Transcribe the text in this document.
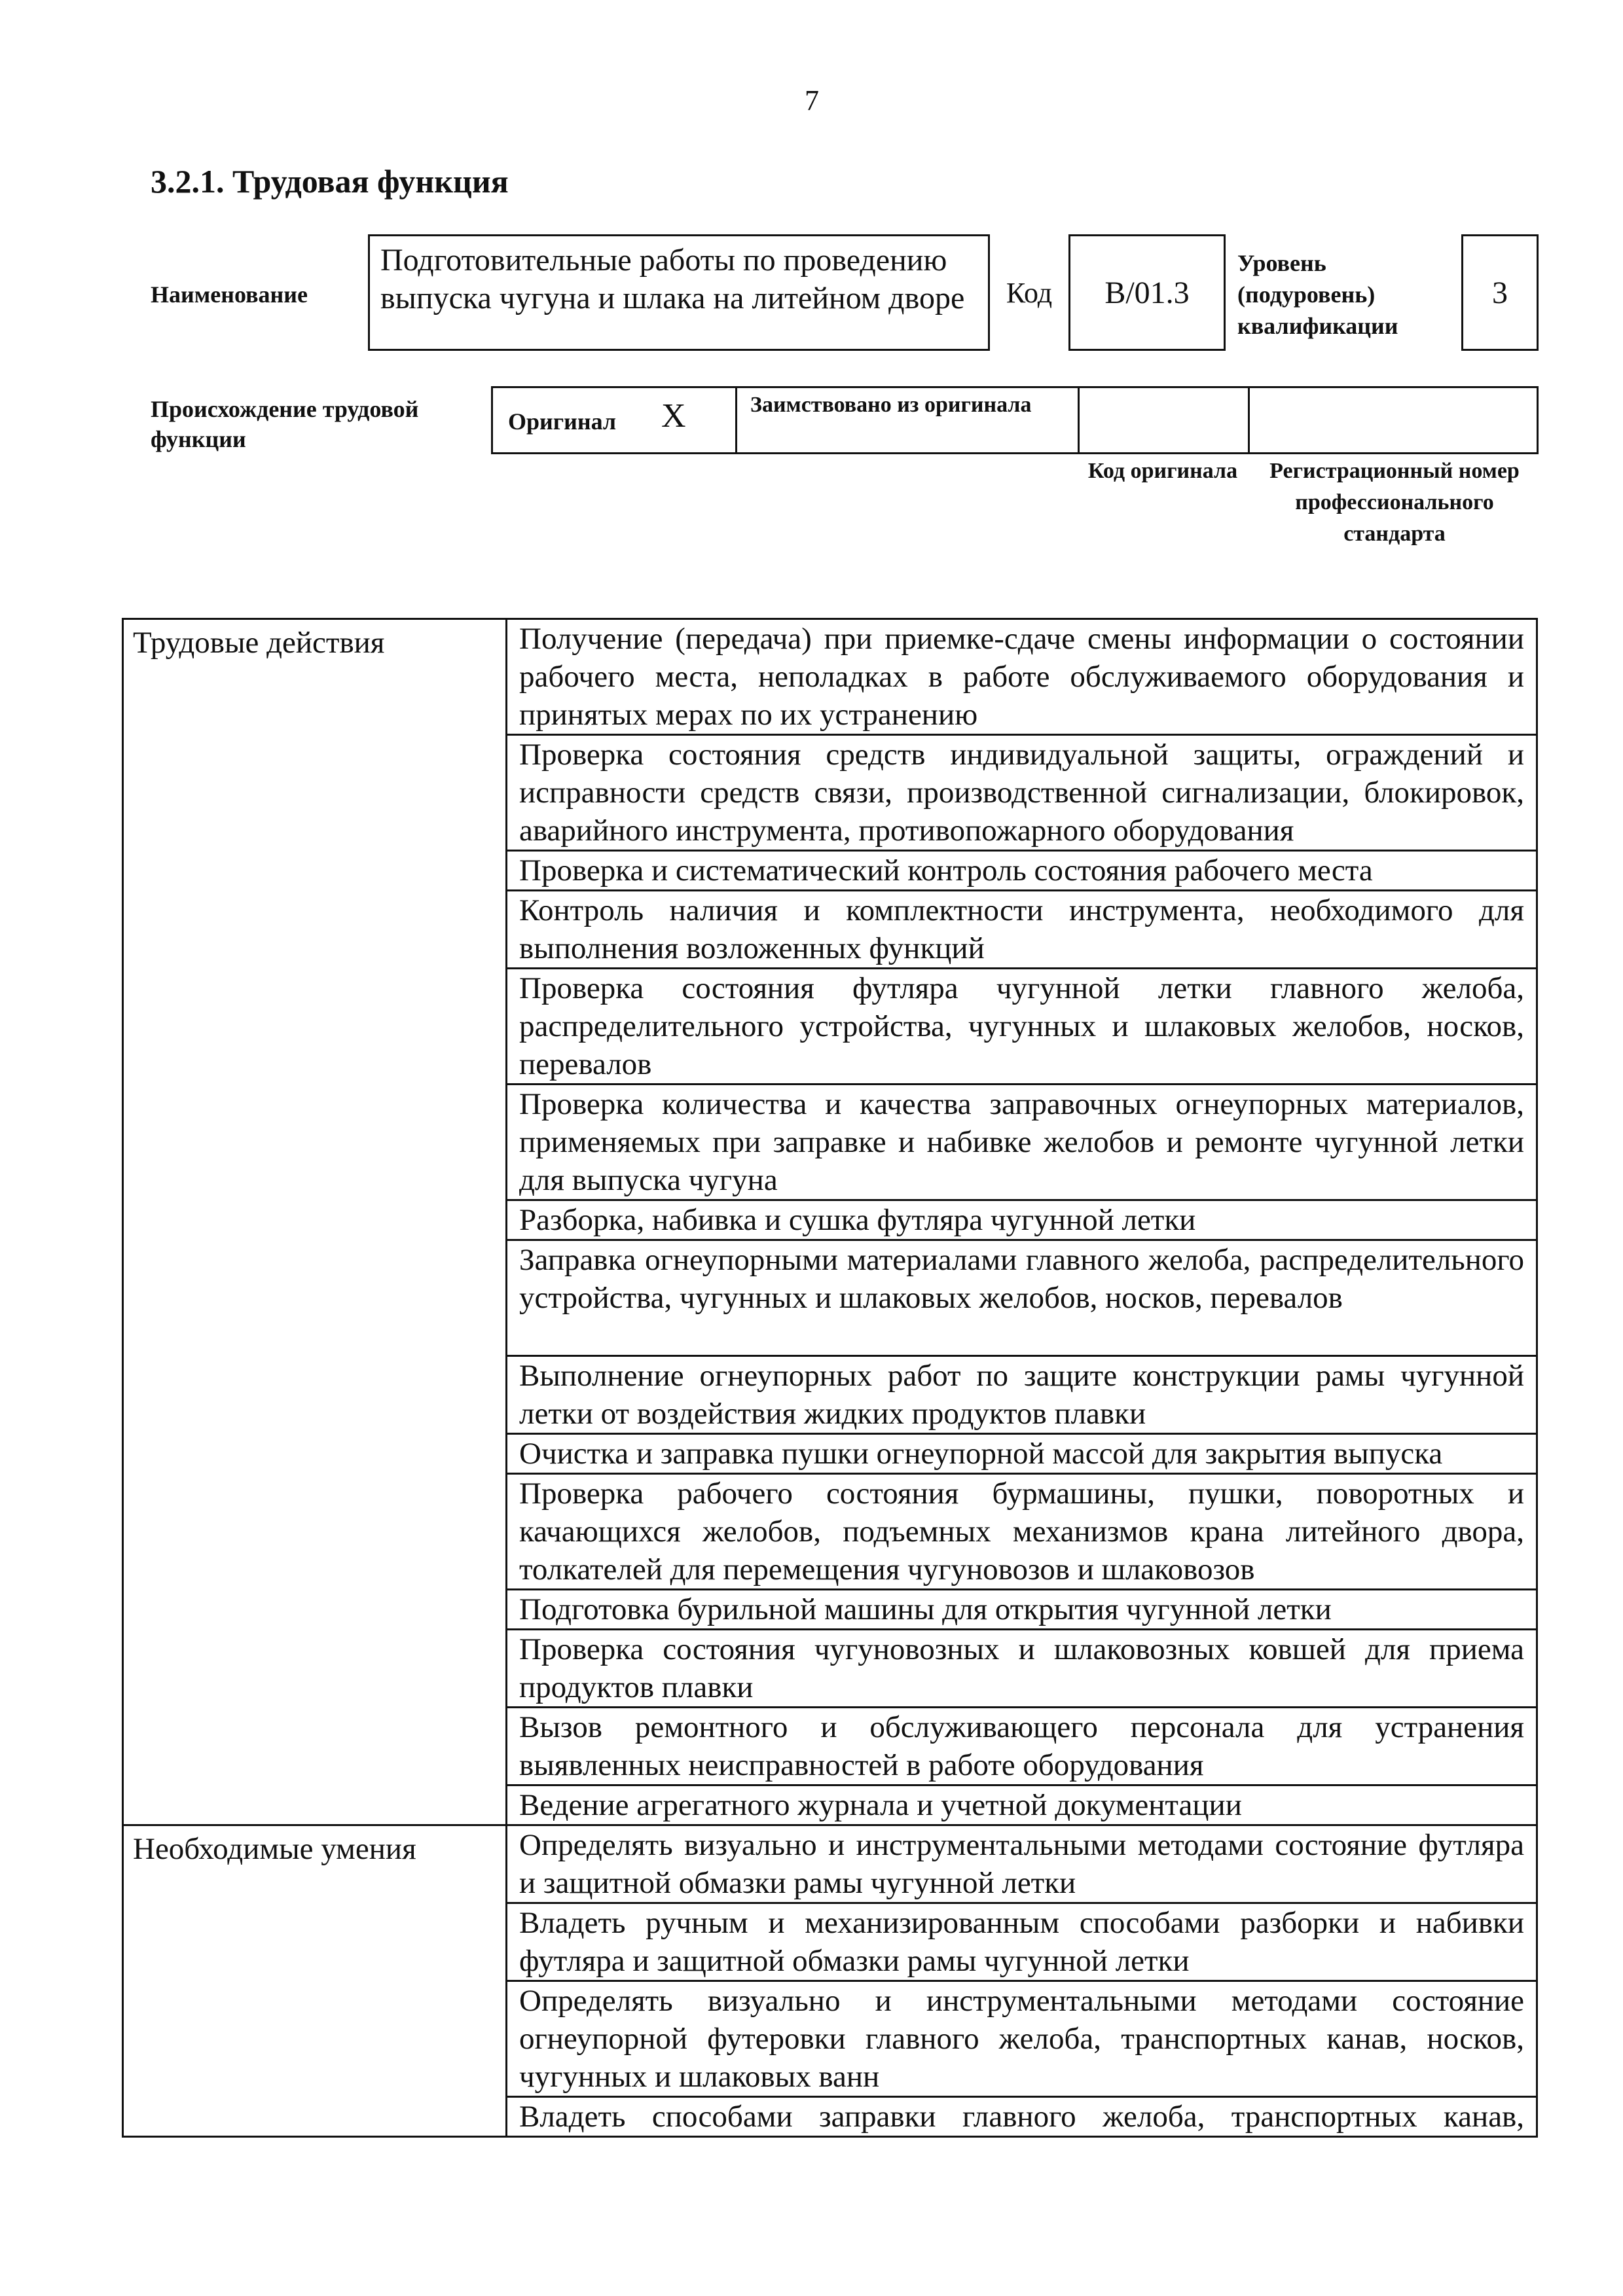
7
3.2.1. Трудовая функция
Наименование
Подготовительные работы по проведению выпуска чугуна и шлака на литейном дворе	Код	В/01.3
Уровень (подуровень) квалификации
3
Происхождение трудовой функции
Оригинал X	Заимствовано из оригинала
Код оригинала	Регистрационный номер профессионального стандарта
Трудовые действия	Получение (передача) при приемке-сдаче смены информации о состоянии рабочего места, неполадках в работе обслуживаемого оборудования и принятых мерах по их устранению

	Проверка состояния средств индивидуальной защиты, ограждений и исправности средств связи, производственной сигнализации, блокировок, аварийного инструмента, противопожарного оборудования

	Проверка и систематический контроль состояния рабочего места

	Контроль наличия и комплектности инструмента, необходимого для выполнения возложенных функций

	Проверка состояния футляра чугунной летки главного желоба, распределительного устройства, чугунных и шлаковых желобов, носков, перевалов

	Проверка количества и качества заправочных огнеупорных материалов, применяемых при заправке и набивке желобов и ремонте чугунной летки для выпуска чугуна

	Разборка, набивка и сушка футляра чугунной летки

	Заправка огнеупорными материалами главного желоба, распределительного устройства, чугунных и шлаковых желобов, носков, перевалов

	Выполнение огнеупорных работ по защите конструкции рамы чугунной летки от воздействия жидких продуктов плавки

	Очистка и заправка пушки огнеупорной массой для закрытия выпуска

	Проверка рабочего состояния бурмашины, пушки, поворотных и качающихся желобов, подъемных механизмов крана литейного двора, толкателей для перемещения чугуновозов и шлаковозов

	Подготовка бурильной машины для открытия чугунной летки

	Проверка состояния чугуновозных и шлаковозных ковшей для приема продуктов плавки

	Вызов ремонтного и обслуживающего персонала для устранения выявленных неисправностей в работе оборудования

	Ведение агрегатного журнала и учетной документации

Необходимые умения	Определять визуально и инструментальными методами состояние футляра и защитной обмазки рамы чугунной летки

	Владеть ручным и механизированным способами разборки и набивки футляра и защитной обмазки рамы чугунной летки

	Определять визуально и инструментальными методами состояние огнеупорной футеровки главного желоба, транспортных канав, носков, чугунных и шлаковых ванн

	Владеть способами заправки главного желоба, транспортных канав,
